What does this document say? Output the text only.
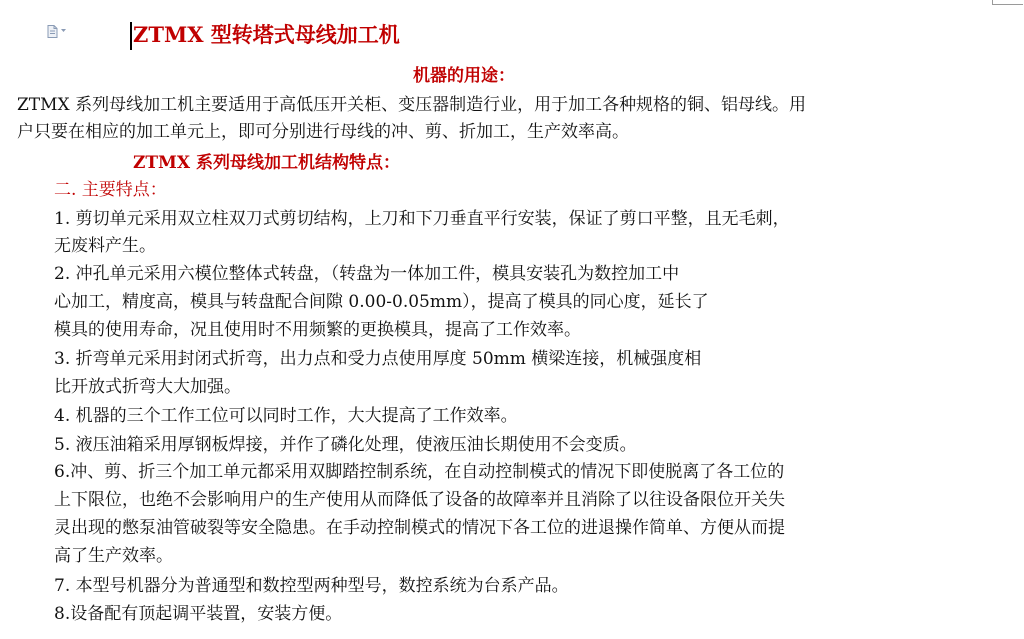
ZTMX 型转塔式母线加工机
机器的用途：
ZTMX 系列母线加工机主要适用于高低压开关柜、变压器制造行业，用于加工各种规格的铜、铝母线。用
户只要在相应的加工单元上，即可分别进行母线的冲、剪、折加工，生产效率高。
ZTMX 系列母线加工机结构特点：
二. 主要特点：
1. 剪切单元采用双立柱双刀式剪切结构，上刀和下刀垂直平行安装，保证了剪口平整，且无毛刺，
无废料产生。
2. 冲孔单元采用六模位整体式转盘，（转盘为一体加工件，模具安装孔为数控加工中
心加工，精度高，模具与转盘配合间隙 0.00-0.05mm），提高了模具的同心度，延长了
模具的使用寿命，况且使用时不用频繁的更换模具，提高了工作效率。
3. 折弯单元采用封闭式折弯，出力点和受力点使用厚度 50mm 横梁连接，机械强度相
比开放式折弯大大加强。
4. 机器的三个工作工位可以同时工作，大大提高了工作效率。
5. 液压油箱采用厚钢板焊接，并作了磷化处理，使液压油长期使用不会变质。
6.冲、剪、折三个加工单元都采用双脚踏控制系统，在自动控制模式的情况下即使脱离了各工位的
上下限位，也绝不会影响用户的生产使用从而降低了设备的故障率并且消除了以往设备限位开关失
灵出现的憋泵油管破裂等安全隐患。在手动控制模式的情况下各工位的进退操作简单、方便从而提
高了生产效率。
7. 本型号机器分为普通型和数控型两种型号，数控系统为台系产品。
8.设备配有顶起调平装置，安装方便。
